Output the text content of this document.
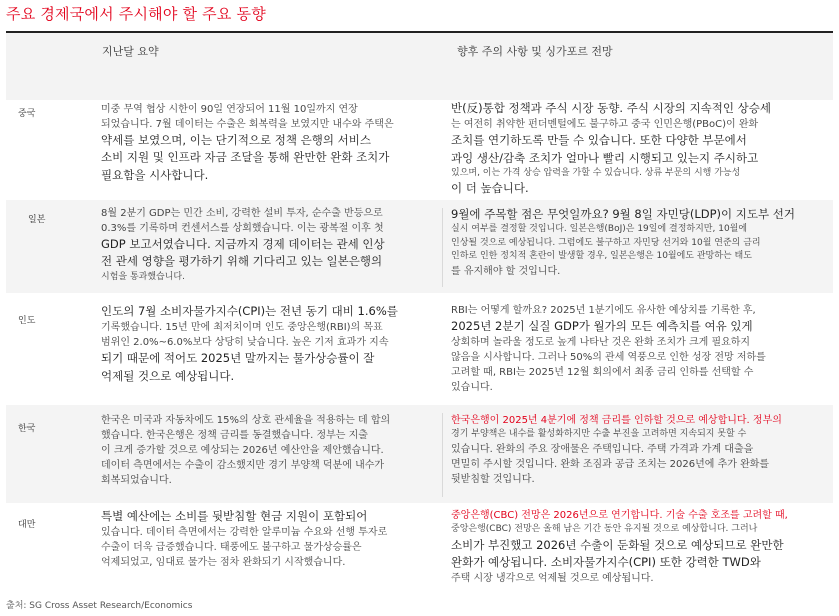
주요 경제국에서 주시해야 할 주요 동향
지난달 요약	향후 주의 사항 및 싱가포르 전망
중국	미중 무역 협상 시한이 90일 연장되어 11월 10일까지 연장
되었습니다. 7월 데이터는 수출은 회복력을 보였지만 내수와 주택은
약세를 보였으며, 이는 단기적으로 정책 은행의 서비스
소비 지원 및 인프라 자금 조달을 통해 완만한 완화 조치가
필요함을 시사합니다.
반(反)통합 정책과 주식 시장 동향. 주식 시장의 지속적인 상승세
는 여전히 취약한 펀더멘털에도 불구하고 중국 인민은행(PBoC)이 완화
조치를 연기하도록 만들 수 있습니다. 또한 다양한 부문에서
과잉 생산/감축 조치가 얼마나 빨리 시행되고 있는지 주시하고
있으며, 이는 가격 상승 압력을 가할 수 있습니다. 상류 부문의 시행 가능성
이 더 높습니다.
일본
8월 2분기 GDP는 민간 소비, 강력한 설비 투자, 순수출 반등으로
0.3%를 기록하며 컨센서스를 상회했습니다. 이는 광복절 이후 첫
GDP 보고서였습니다. 지금까지 경제 데이터는 관세 인상
전 관세 영향을 평가하기 위해 기다리고 있는 일본은행의
시험을 통과했습니다.
9월에 주목할 점은 무엇일까요? 9월 8일 자민당(LDP)이 지도부 선거
실시 여부를 결정할 것입니다. 일본은행(BoJ)은 19일에 결정하지만, 10월에
인상될 것으로 예상됩니다. 그럼에도 불구하고 자민당 선거와 10월 연준의 금리
인하로 인한 정치적 혼란이 발생할 경우, 일본은행은 10월에도 관망하는 태도
를 유지해야 할 것입니다.
인도
인도의 7월 소비자물가지수(CPI)는 전년 동기 대비 1.6%를
기록했습니다. 15년 만에 최저치이며 인도 중앙은행(RBI)의 목표
범위인 2.0%~6.0%보다 상당히 낮습니다. 높은 기저 효과가 지속
되기 때문에 적어도 2025년 말까지는 물가상승률이 잘
억제될 것으로 예상됩니다.
RBI는 어떻게 할까요? 2025년 1분기에도 유사한 예상치를 기록한 후,
2025년 2분기 실질 GDP가 월가의 모든 예측치를 여유 있게
상회하며 놀라울 정도로 높게 나타난 것은 완화 조치가 크게 필요하지
않음을 시사합니다. 그러나 50%의 관세 역풍으로 인한 성장 전망 저하를
고려할 때, RBI는 2025년 12월 회의에서 최종 금리 인하를 선택할 수
있습니다.
한국
한국은 미국과 자동차에도 15%의 상호 관세율을 적용하는 데 합의
했습니다. 한국은행은 정책 금리를 동결했습니다. 정부는 지출
이 크게 증가할 것으로 예상되는 2026년 예산안을 제안했습니다.
데이터 측면에서는 수출이 감소했지만 경기 부양책 덕분에 내수가
회복되었습니다.
한국은행이 2025년 4분기에 정책 금리를 인하할 것으로 예상합니다. 정부의
경기 부양책은 내수를 활성화하지만 수출 부진을 고려하면 지속되지 못할 수
있습니다. 완화의 주요 장애물은 주택입니다. 주택 가격과 가계 대출을
면밀히 주시할 것입니다. 완화 조짐과 공급 조치는 2026년에 추가 완화를
뒷받침할 것입니다.
대만
특별 예산에는 소비를 뒷받침할 현금 지원이 포함되어
있습니다. 데이터 측면에서는 강력한 알루미늄 수요와 선행 투자로
수출이 더욱 급증했습니다. 태풍에도 불구하고 물가상승률은
억제되었고, 임대료 물가는 점차 완화되기 시작했습니다.
중앙은행(CBC) 전망은 2026년으로 연기합니다. 기술 수출 호조를 고려할 때,
중앙은행(CBC) 전망은 올해 남은 기간 동안 유지될 것으로 예상합니다. 그러나
소비가 부진했고 2026년 수출이 둔화될 것으로 예상되므로 완만한
완화가 예상됩니다. 소비자물가지수(CPI) 또한 강력한 TWD와
주택 시장 냉각으로 억제될 것으로 예상됩니다.
출처: SG Cross Asset Research/Economics
